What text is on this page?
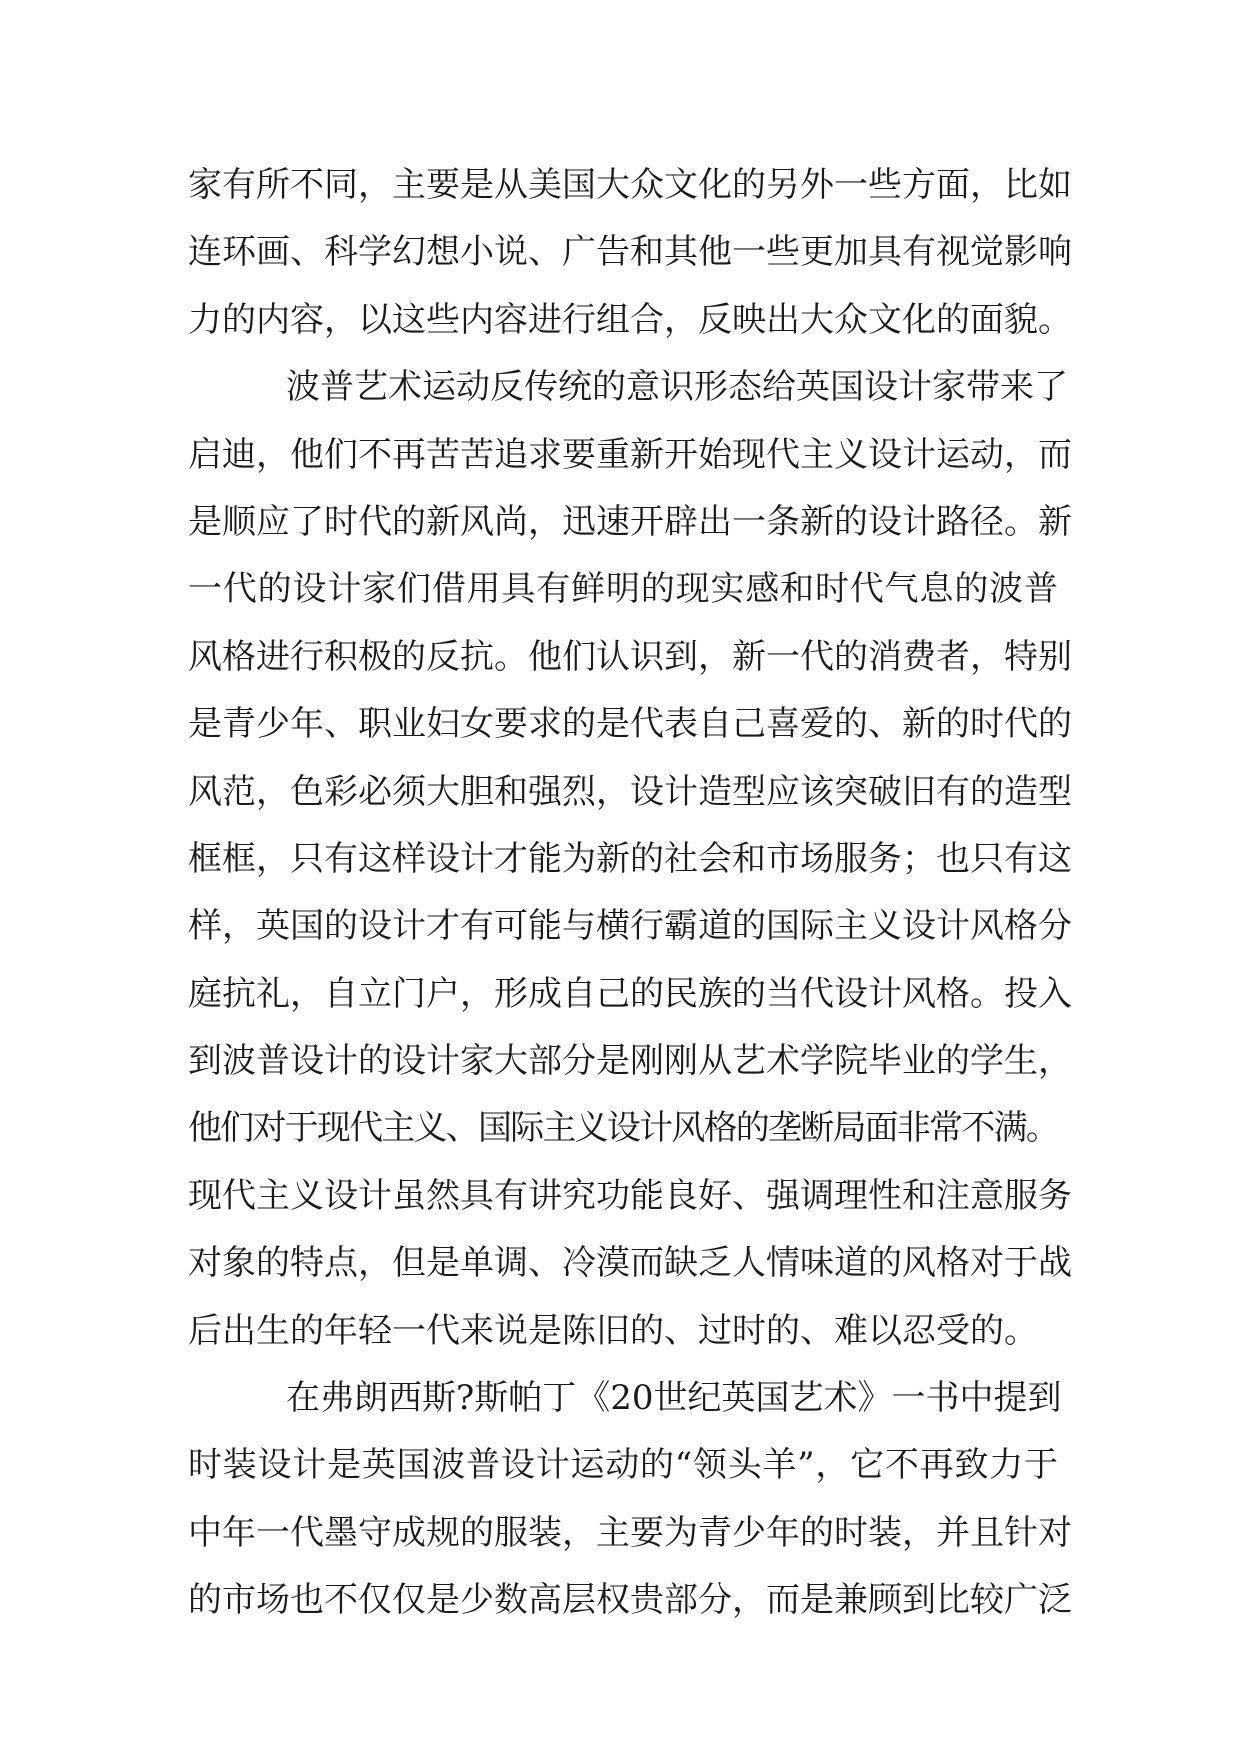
家有所不同，主要是从美国大众文化的另外一些方面，比如
连环画、科学幻想小说、广告和其他一些更加具有视觉影响
力的内容，以这些内容进行组合，反映出大众文化的面貌。
波普艺术运动反传统的意识形态给英国设计家带来了
启迪，他们不再苦苦追求要重新开始现代主义设计运动，而
是顺应了时代的新风尚，迅速开辟出一条新的设计路径。新
一代的设计家们借用具有鲜明的现实感和时代气息的波普
风格进行积极的反抗。他们认识到，新一代的消费者，特别
是青少年、职业妇女要求的是代表自己喜爱的、新的时代的
风范，色彩必须大胆和强烈，设计造型应该突破旧有的造型
框框，只有这样设计才能为新的社会和市场服务；也只有这
样，英国的设计才有可能与横行霸道的国际主义设计风格分
庭抗礼，自立门户，形成自己的民族的当代设计风格。投入
到波普设计的设计家大部分是刚刚从艺术学院毕业的学生，
他们对于现代主义、国际主义设计风格的垄断局面非常不满。
现代主义设计虽然具有讲究功能良好、强调理性和注意服务
对象的特点，但是单调、冷漠而缺乏人情味道的风格对于战
后出生的年轻一代来说是陈旧的、过时的、难以忍受的。
在弗朗西斯?斯帕丁《20世纪英国艺术》一书中提到
时装设计是英国波普设计运动的“领头羊”，它不再致力于
中年一代墨守成规的服装，主要为青少年的时装，并且针对
的市场也不仅仅是少数高层权贵部分，而是兼顾到比较广泛
